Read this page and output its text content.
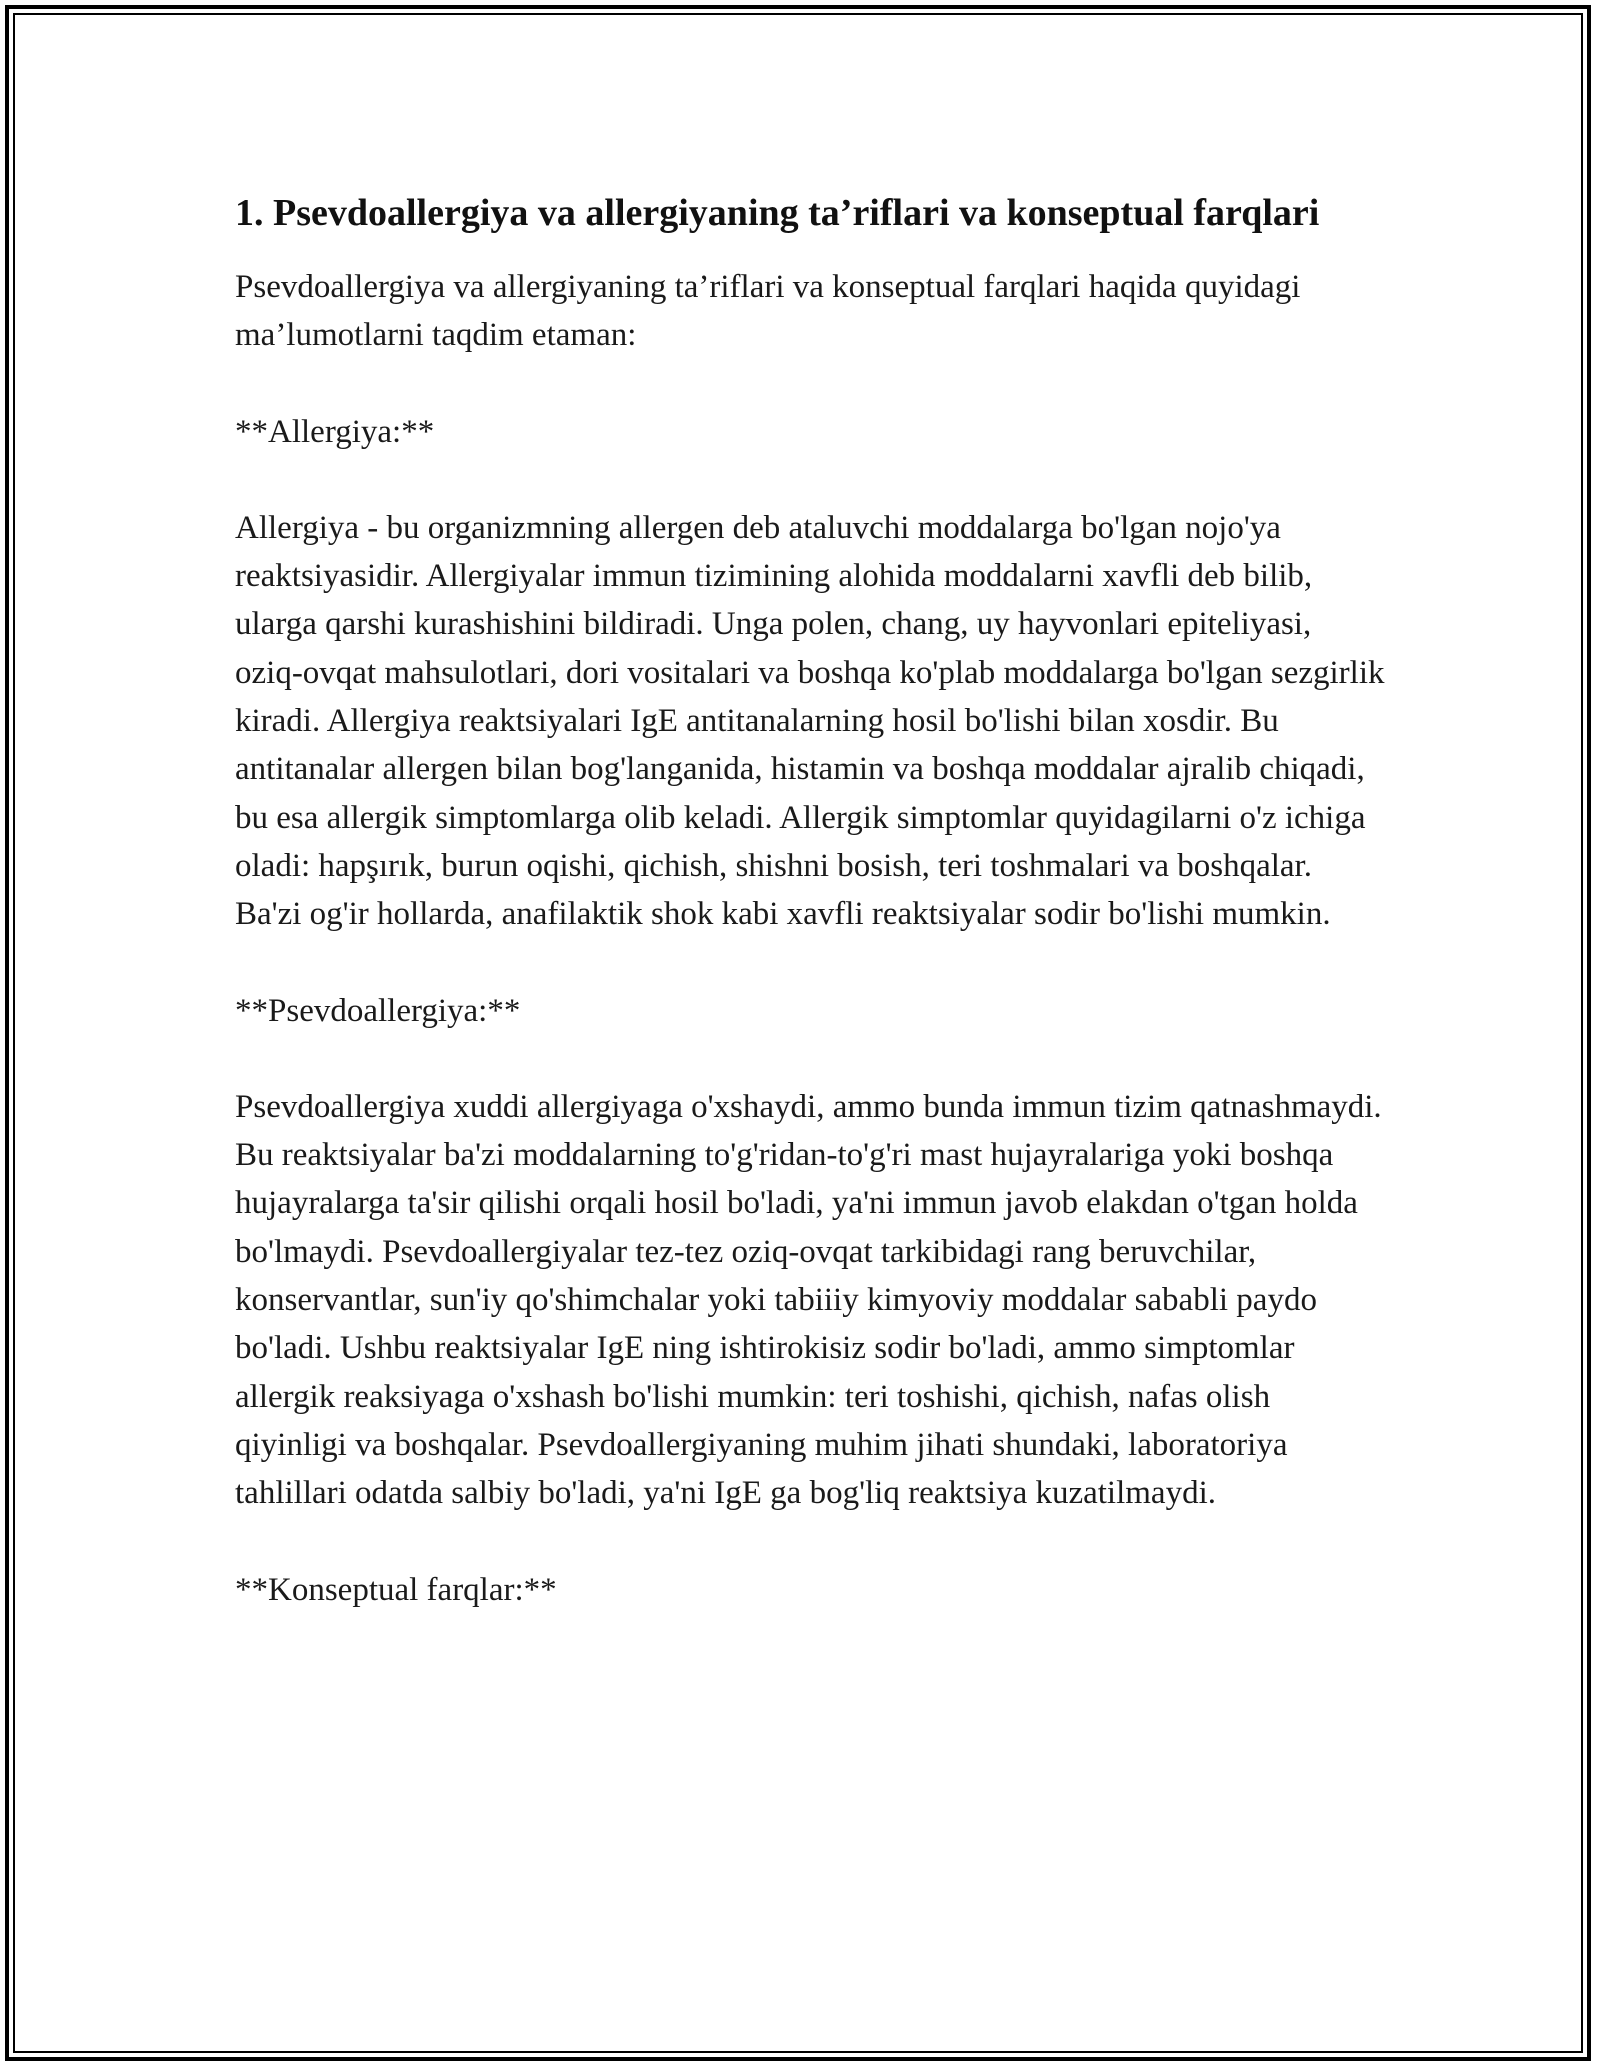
1. Psevdoallergiya va allergiyaning ta’riflari va konseptual farqlari

Psevdoallergiya va allergiyaning ta’riflari va konseptual farqlari haqida quyidagi ma’lumotlarni taqdim etaman:

**Allergiya:**

Allergiya - bu organizmning allergen deb ataluvchi moddalarga bo'lgan nojo'ya reaktsiyasidir. Allergiyalar immun tizimining alohida moddalarni xavfli deb bilib, ularga qarshi kurashishini bildiradi. Unga polen, chang, uy hayvonlari epiteliyasi, oziq-ovqat mahsulotlari, dori vositalari va boshqa ko'plab moddalarga bo'lgan sezgirlik kiradi. Allergiya reaktsiyalari IgE antitanalarning hosil bo'lishi bilan xosdir. Bu antitanalar allergen bilan bog'langanida, histamin va boshqa moddalar ajralib chiqadi, bu esa allergik simptomlarga olib keladi. Allergik simptomlar quyidagilarni o'z ichiga oladi: hapşırık, burun oqishi, qichish, shishni bosish, teri toshmalari va boshqalar. Ba'zi og'ir hollarda, anafilaktik shok kabi xavfli reaktsiyalar sodir bo'lishi mumkin.

**Psevdoallergiya:**

Psevdoallergiya xuddi allergiyaga o'xshaydi, ammo bunda immun tizim qatnashmaydi. Bu reaktsiyalar ba'zi moddalarning to'g'ridan-to'g'ri mast hujayralariga yoki boshqa hujayralarga ta'sir qilishi orqali hosil bo'ladi, ya'ni immun javob elakdan o'tgan holda bo'lmaydi. Psevdoallergiyalar tez-tez oziq-ovqat tarkibidagi rang beruvchilar, konservantlar, sun'iy qo'shimchalar yoki tabiiiy kimyoviy moddalar sababli paydo bo'ladi. Ushbu reaktsiyalar IgE ning ishtirokisiz sodir bo'ladi, ammo simptomlar allergik reaksiyaga o'xshash bo'lishi mumkin: teri toshishi, qichish, nafas olish qiyinligi va boshqalar. Psevdoallergiyaning muhim jihati shundaki, laboratoriya tahlillari odatda salbiy bo'ladi, ya'ni IgE ga bog'liq reaktsiya kuzatilmaydi.

**Konseptual farqlar:**
